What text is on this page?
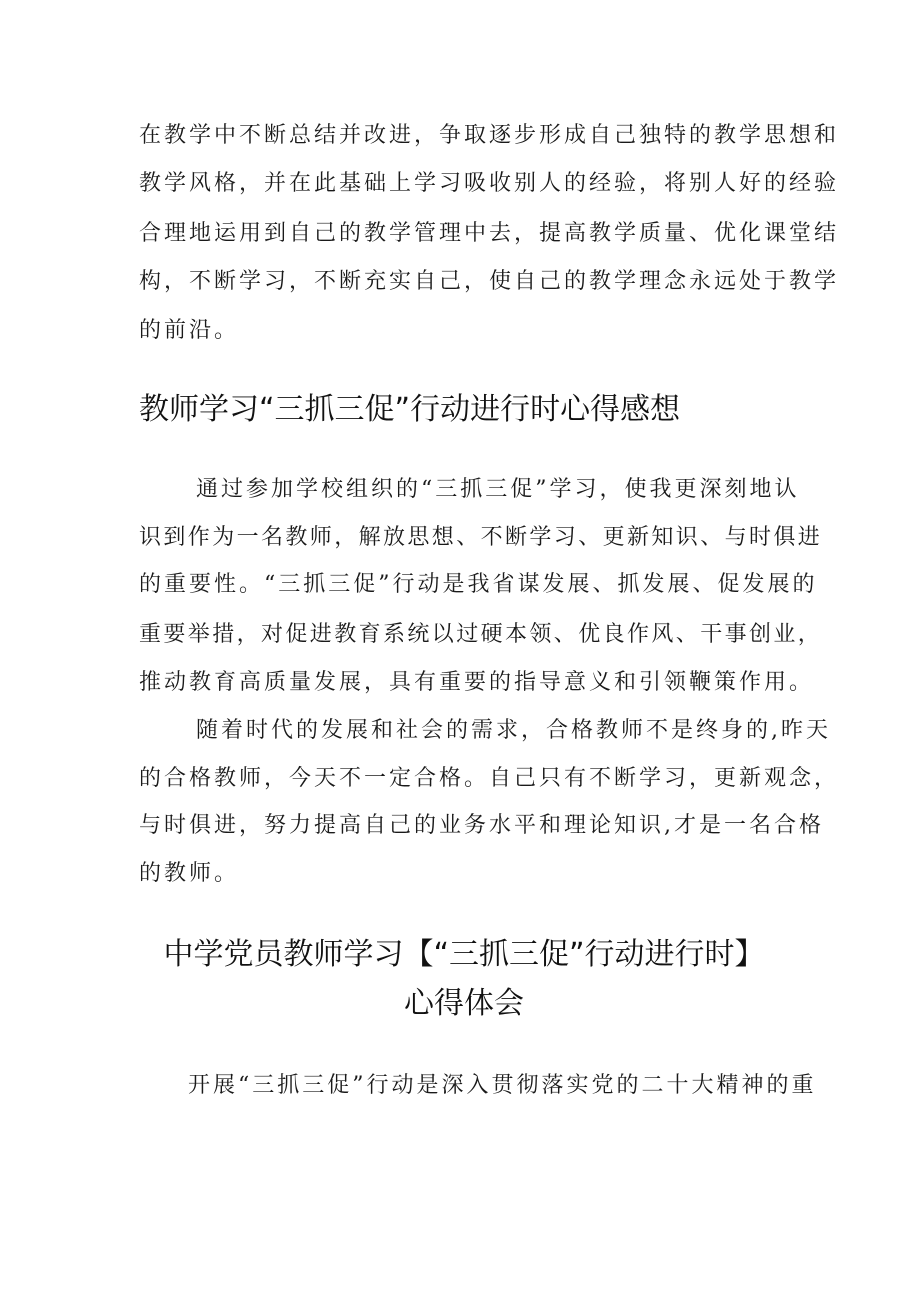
在教学中不断总结并改进，争取逐步形成自己独特的教学思想和
教学风格，并在此基础上学习吸收别人的经验，将别人好的经验
合理地运用到自己的教学管理中去，提高教学质量、优化课堂结
构，不断学习，不断充实自己，使自己的教学理念永远处于教学
的前沿。
教师学习“三抓三促”行动进行时心得感想
通过参加学校组织的“三抓三促”学习，使我更深刻地认
识到作为一名教师，解放思想、不断学习、更新知识、与时俱进
的重要性。“三抓三促”行动是我省谋发展、抓发展、促发展的
重要举措，对促进教育系统以过硬本领、优良作风、干事创业，
推动教育高质量发展，具有重要的指导意义和引领鞭策作用。
随着时代的发展和社会的需求，合格教师不是终身的,昨天
的合格教师，今天不一定合格。自己只有不断学习，更新观念，
与时俱进，努力提高自己的业务水平和理论知识,才是一名合格
的教师。
中学党员教师学习【“三抓三促”行动进行时】
心得体会
开展“三抓三促”行动是深入贯彻落实党的二十大精神的重
